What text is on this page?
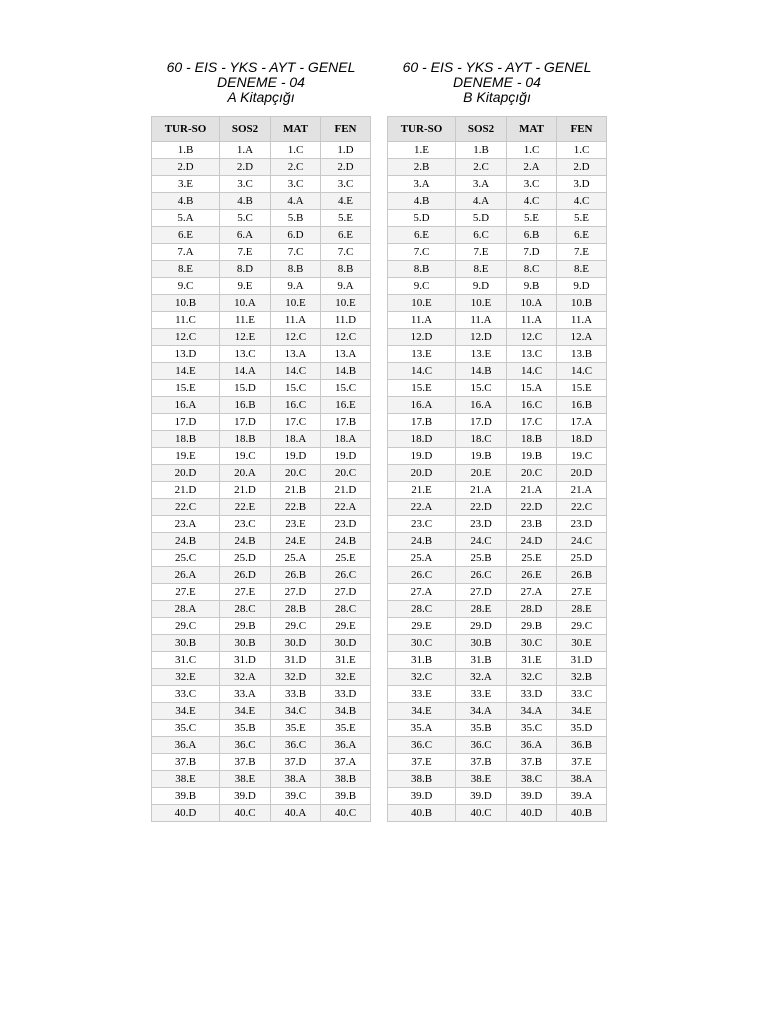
60 - EIS - YKS - AYT - GENEL
DENEME - 04
A Kitapçığı
TUR-SO	SOS2	MAT	FEN
1.B	1.A	1.C	1.D
2.D	2.D	2.C	2.D
3.E	3.C	3.C	3.C
4.B	4.B	4.A	4.E
5.A	5.C	5.B	5.E
6.E	6.A	6.D	6.E
7.A	7.E	7.C	7.C
8.E	8.D	8.B	8.B
9.C	9.E	9.A	9.A
10.B	10.A	10.E	10.E
11.C	11.E	11.A	11.D
12.C	12.E	12.C	12.C
13.D	13.C	13.A	13.A
14.E	14.A	14.C	14.B
15.E	15.D	15.C	15.C
16.A	16.B	16.C	16.E
17.D	17.D	17.C	17.B
18.B	18.B	18.A	18.A
19.E	19.C	19.D	19.D
20.D	20.A	20.C	20.C
21.D	21.D	21.B	21.D
22.C	22.E	22.B	22.A
23.A	23.C	23.E	23.D
24.B	24.B	24.E	24.B
25.C	25.D	25.A	25.E
26.A	26.D	26.B	26.C
27.E	27.E	27.D	27.D
28.A	28.C	28.B	28.C
29.C	29.B	29.C	29.E
30.B	30.B	30.D	30.D
31.C	31.D	31.D	31.E
32.E	32.A	32.D	32.E
33.C	33.A	33.B	33.D
34.E	34.E	34.C	34.B
35.C	35.B	35.E	35.E
36.A	36.C	36.C	36.A
37.B	37.B	37.D	37.A
38.E	38.E	38.A	38.B
39.B	39.D	39.C	39.B
40.D	40.C	40.A	40.C
60 - EIS - YKS - AYT - GENEL
DENEME - 04
B Kitapçığı
TUR-SO	SOS2	MAT	FEN
1.E	1.B	1.C	1.C
2.B	2.C	2.A	2.D
3.A	3.A	3.C	3.D
4.B	4.A	4.C	4.C
5.D	5.D	5.E	5.E
6.E	6.C	6.B	6.E
7.C	7.E	7.D	7.E
8.B	8.E	8.C	8.E
9.C	9.D	9.B	9.D
10.E	10.E	10.A	10.B
11.A	11.A	11.A	11.A
12.D	12.D	12.C	12.A
13.E	13.E	13.C	13.B
14.C	14.B	14.C	14.C
15.E	15.C	15.A	15.E
16.A	16.A	16.C	16.B
17.B	17.D	17.C	17.A
18.D	18.C	18.B	18.D
19.D	19.B	19.B	19.C
20.D	20.E	20.C	20.D
21.E	21.A	21.A	21.A
22.A	22.D	22.D	22.C
23.C	23.D	23.B	23.D
24.B	24.C	24.D	24.C
25.A	25.B	25.E	25.D
26.C	26.C	26.E	26.B
27.A	27.D	27.A	27.E
28.C	28.E	28.D	28.E
29.E	29.D	29.B	29.C
30.C	30.B	30.C	30.E
31.B	31.B	31.E	31.D
32.C	32.A	32.C	32.B
33.E	33.E	33.D	33.C
34.E	34.A	34.A	34.E
35.A	35.B	35.C	35.D
36.C	36.C	36.A	36.B
37.E	37.B	37.B	37.E
38.B	38.E	38.C	38.A
39.D	39.D	39.D	39.A
40.B	40.C	40.D	40.B
